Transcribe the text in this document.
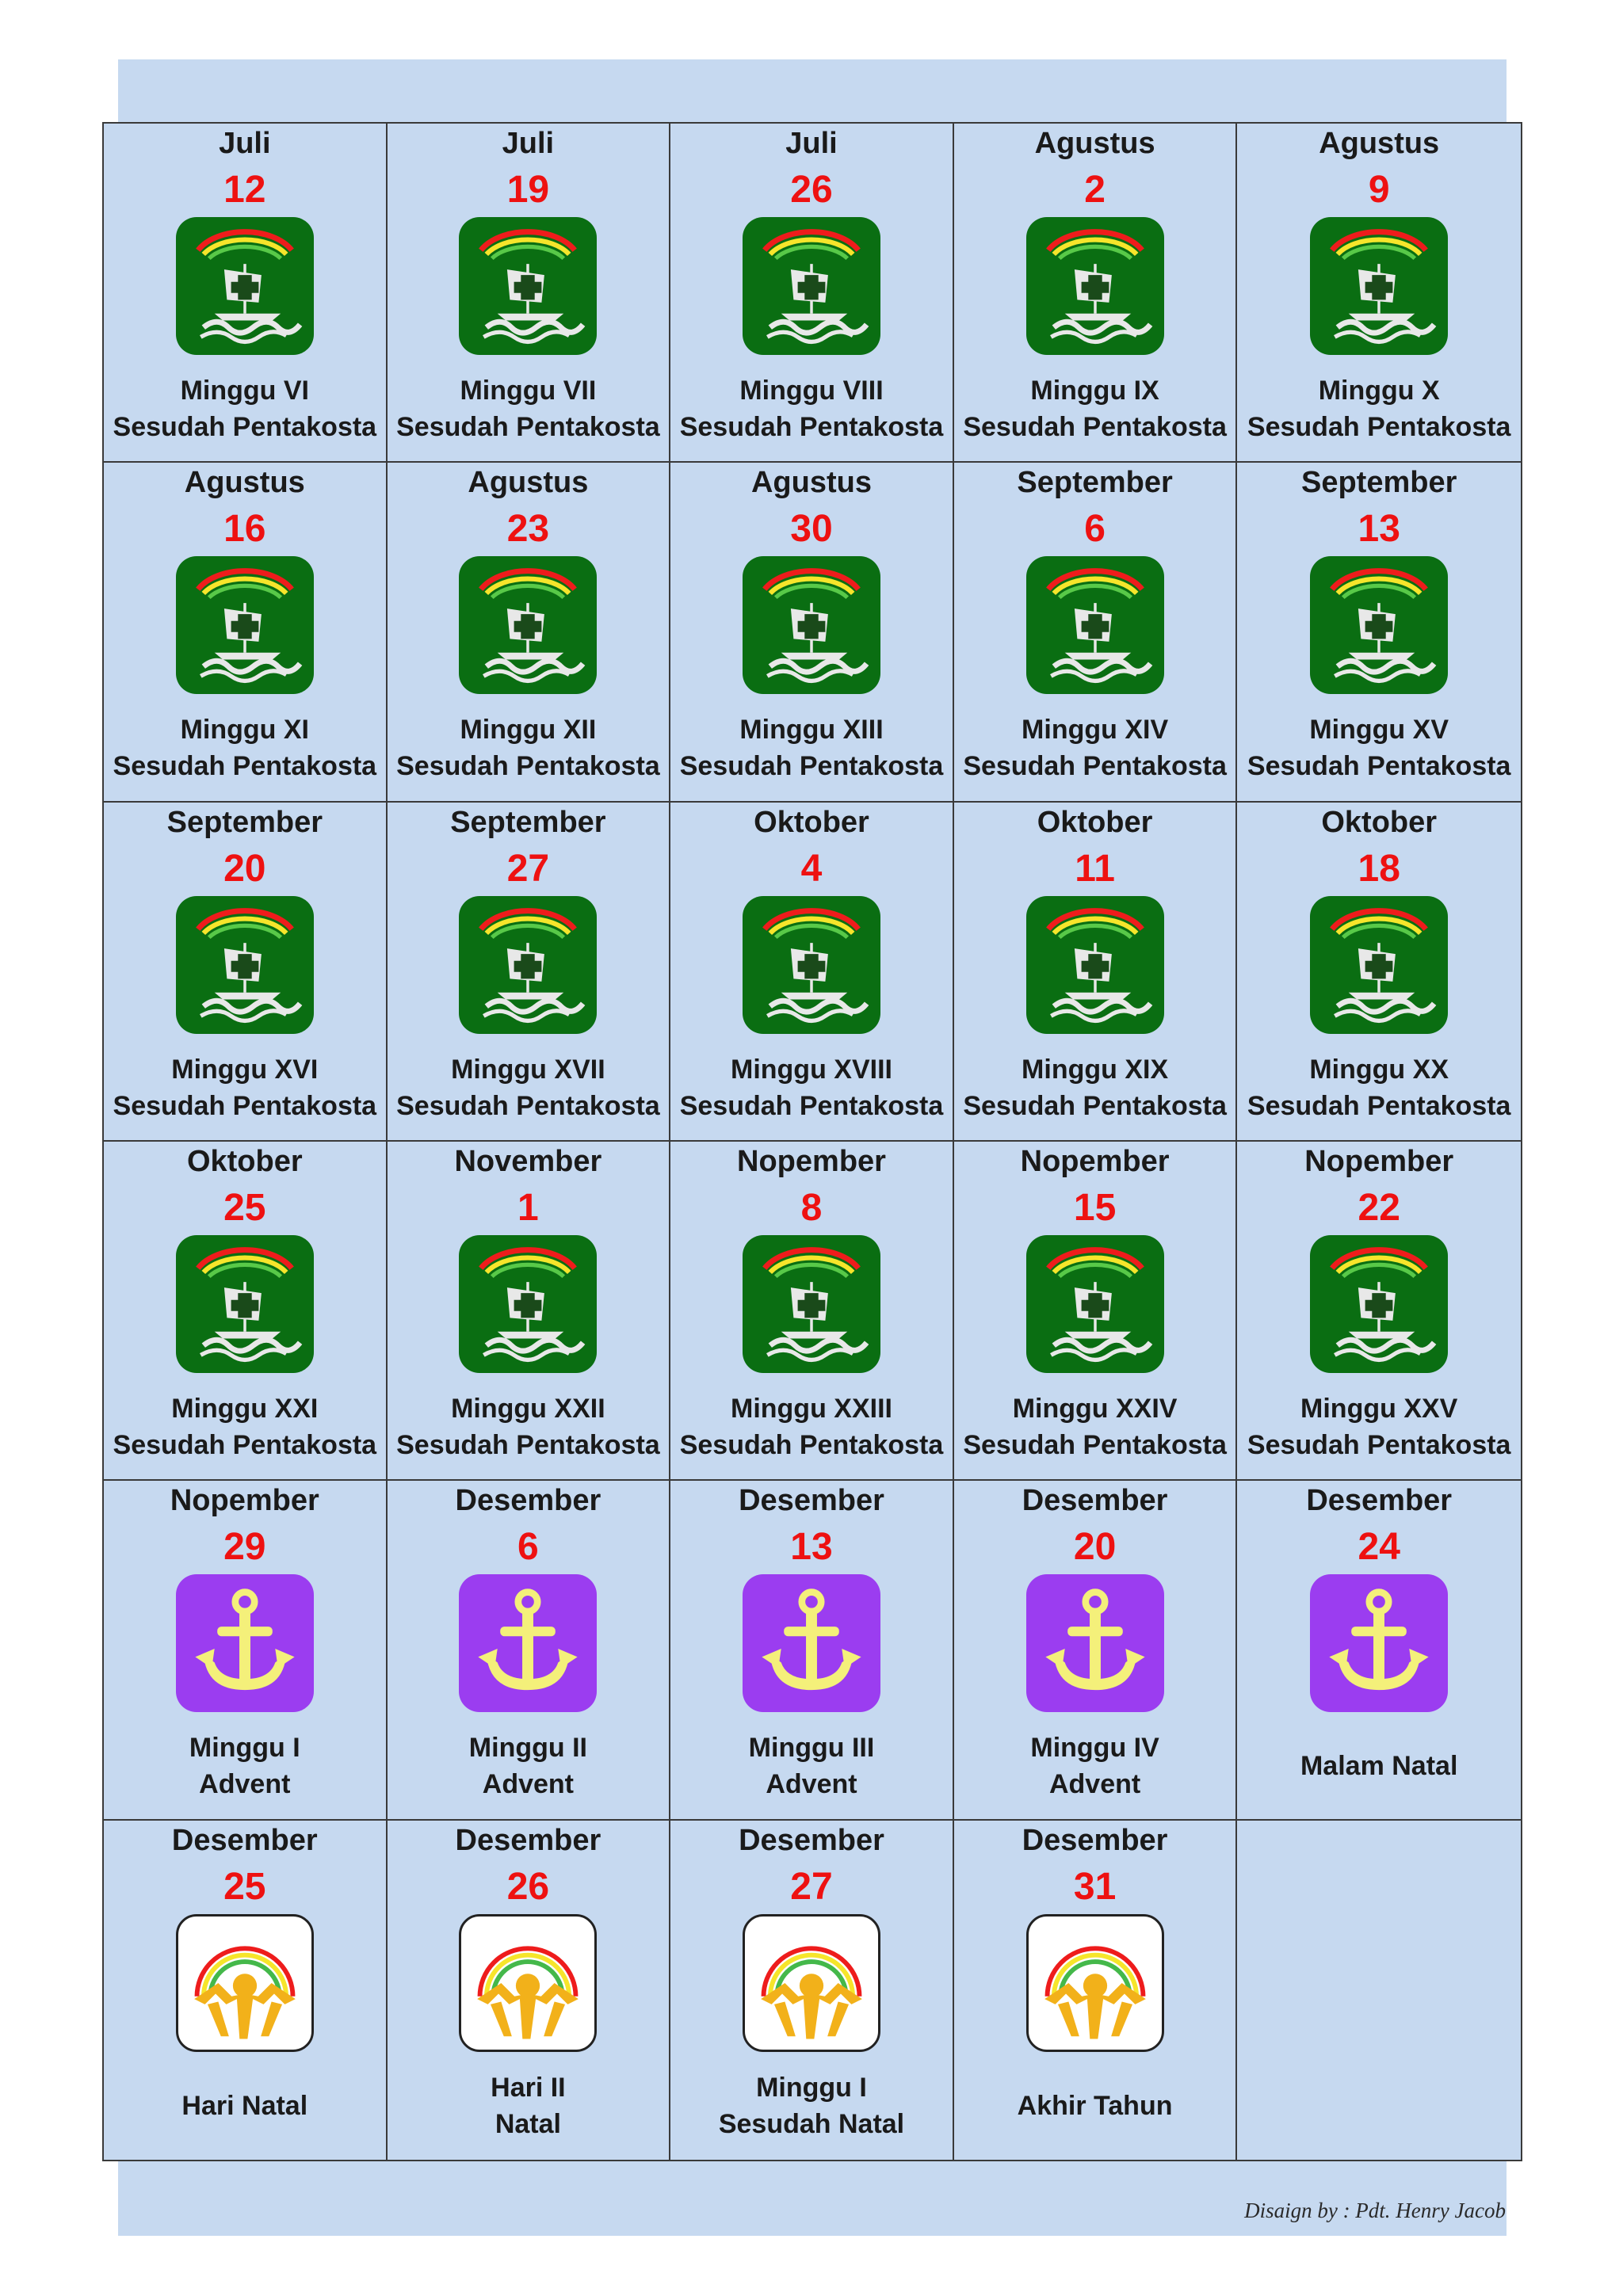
Juli
12
Minggu VI
Sesudah Pentakosta
Juli
19
Minggu VII
Sesudah Pentakosta
Juli
26
Minggu VIII
Sesudah Pentakosta
Agustus
2
Minggu IX
Sesudah Pentakosta
Agustus
9
Minggu X
Sesudah Pentakosta
Agustus
16
Minggu XI
Sesudah Pentakosta
Agustus
23
Minggu XII
Sesudah Pentakosta
Agustus
30
Minggu XIII
Sesudah Pentakosta
September
6
Minggu XIV
Sesudah Pentakosta
September
13
Minggu XV
Sesudah Pentakosta
September
20
Minggu XVI
Sesudah Pentakosta
September
27
Minggu XVII
Sesudah Pentakosta
Oktober
4
Minggu XVIII
Sesudah Pentakosta
Oktober
11
Minggu XIX
Sesudah Pentakosta
Oktober
18
Minggu XX
Sesudah Pentakosta
Oktober
25
Minggu XXI
Sesudah Pentakosta
November
1
Minggu XXII
Sesudah Pentakosta
Nopember
8
Minggu XXIII
Sesudah Pentakosta
Nopember
15
Minggu XXIV
Sesudah Pentakosta
Nopember
22
Minggu XXV
Sesudah Pentakosta
Nopember
29
Minggu I
Advent
Desember
6
Minggu II
Advent
Desember
13
Minggu III
Advent
Desember
20
Minggu IV
Advent
Desember
24
Malam Natal
Desember
25
Hari Natal
Desember
26
Hari II
Natal
Desember
27
Minggu I
Sesudah Natal
Desember
31
Akhir Tahun
Disaign by : Pdt. Henry Jacob
